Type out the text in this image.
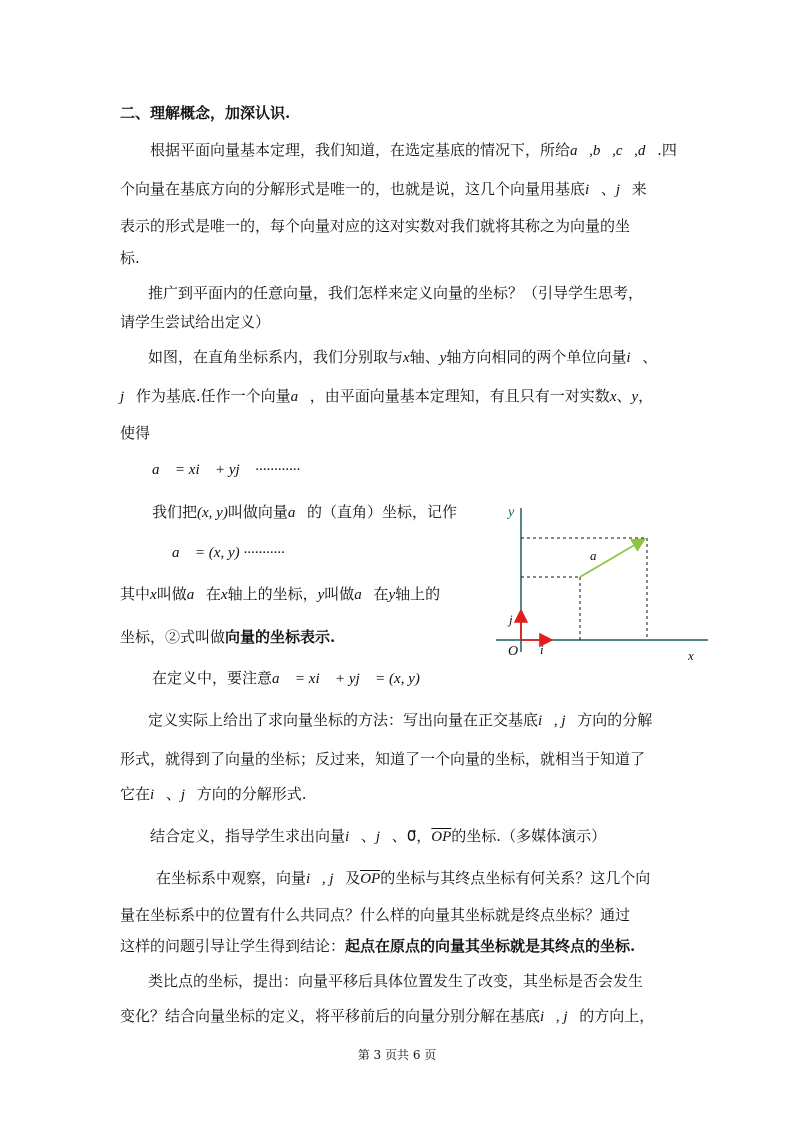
二、理解概念，加深认识.
根据平面向量基本定理，我们知道，在选定基底的情况下，所给a⃗,b⃗,c⃗,d⃗.四
个向量在基底方向的分解形式是唯一的，也就是说，这几个向量用基底i⃗、j⃗来
表示的形式是唯一的，每个向量对应的这对实数对我们就将其称之为向量的坐
标.
推广到平面内的任意向量，我们怎样来定义向量的坐标？（引导学生思考，
请学生尝试给出定义）
如图，在直角坐标系内，我们分别取与x轴、y轴方向相同的两个单位向量i⃗、
j⃗作为基底.任作一个向量a⃗，由平面向量基本定理知，有且只有一对实数x、y，
使得
a⃗ = xi⃗ + yj⃗ ············①
我们把(x, y)叫做向量a⃗的（直角）坐标，记作
a⃗ = (x, y) ···········②
其中x叫做a⃗在x轴上的坐标，y叫做a⃗在y轴上的
坐标，②式叫做向量的坐标表示.
在定义中，要注意a⃗ = xi⃗ + yj⃗ = (x, y)
定义实际上给出了求向量坐标的方法：写出向量在正交基底i⃗, j⃗方向的分解
形式，就得到了向量的坐标；反过来，知道了一个向量的坐标，就相当于知道了
它在i⃗、j⃗方向的分解形式.
结合定义，指导学生求出向量i⃗、j⃗、0⃗，$\overline{OP}$的坐标.（多媒体演示）
在坐标系中观察，向量i⃗, j⃗及$\overline{OP}$的坐标与其终点坐标有何关系？这几个向
量在坐标系中的位置有什么共同点？什么样的向量其坐标就是终点坐标？通过
这样的问题引导让学生得到结论：起点在原点的向量其坐标就是其终点的坐标.
类比点的坐标，提出：向量平移后具体位置发生了改变，其坐标是否会发生
变化？结合向量坐标的定义，将平移前后的向量分别分解在基底i⃗, j⃗的方向上，
y
x
O
a
j
i
第 3 页共 6 页
